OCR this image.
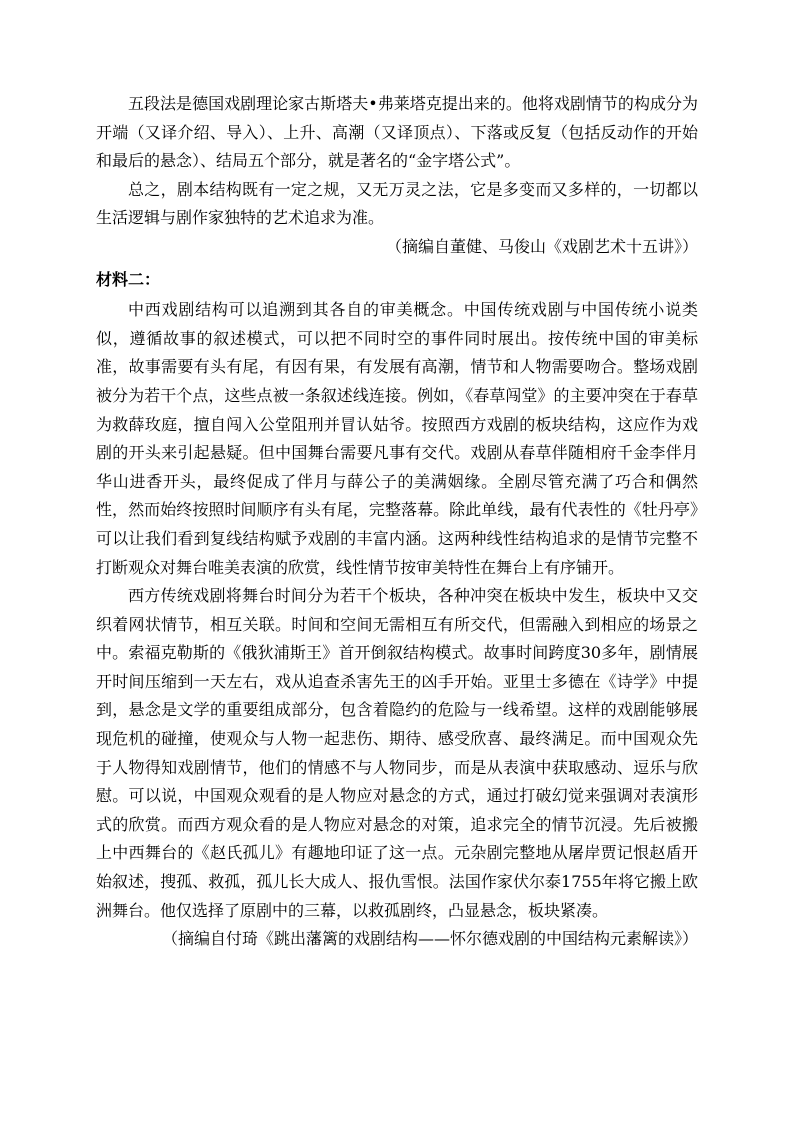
五段法是德国戏剧理论家古斯塔夫•弗莱塔克提出来的。他将戏剧情节的构成分为开端（又译介绍、导入）、上升、高潮（又译顶点）、下落或反复（包括反动作的开始和最后的悬念）、结局五个部分，就是著名的“金字塔公式”。

总之，剧本结构既有一定之规，又无万灵之法，它是多变而又多样的，一切都以生活逻辑与剧作家独特的艺术追求为准。

（摘编自董健、马俊山《戏剧艺术十五讲》）

材料二：

中西戏剧结构可以追溯到其各自的审美概念。中国传统戏剧与中国传统小说类似，遵循故事的叙述模式，可以把不同时空的事件同时展出。按传统中国的审美标准，故事需要有头有尾，有因有果，有发展有高潮，情节和人物需要吻合。整场戏剧被分为若干个点，这些点被一条叙述线连接。例如，《春草闯堂》的主要冲突在于春草为救薛玫庭，擅自闯入公堂阻刑并冒认姑爷。按照西方戏剧的板块结构，这应作为戏剧的开头来引起悬疑。但中国舞台需要凡事有交代。戏剧从春草伴随相府千金李伴月华山进香开头，最终促成了伴月与薛公子的美满姻缘。全剧尽管充满了巧合和偶然性，然而始终按照时间顺序有头有尾，完整落幕。除此单线，最有代表性的《牡丹亭》可以让我们看到复线结构赋予戏剧的丰富内涵。这两种线性结构追求的是情节完整不打断观众对舞台唯美表演的欣赏，线性情节按审美特性在舞台上有序铺开。

西方传统戏剧将舞台时间分为若干个板块，各种冲突在板块中发生，板块中又交织着网状情节，相互关联。时间和空间无需相互有所交代，但需融入到相应的场景之中。索福克勒斯的《俄狄浦斯王》首开倒叙结构模式。故事时间跨度30多年，剧情展开时间压缩到一天左右，戏从追查杀害先王的凶手开始。亚里士多德在《诗学》中提到，悬念是文学的重要组成部分，包含着隐约的危险与一线希望。这样的戏剧能够展现危机的碰撞，使观众与人物一起悲伤、期待、感受欣喜、最终满足。而中国观众先于人物得知戏剧情节，他们的情感不与人物同步，而是从表演中获取感动、逗乐与欣慰。可以说，中国观众观看的是人物应对悬念的方式，通过打破幻觉来强调对表演形式的欣赏。而西方观众看的是人物应对悬念的对策，追求完全的情节沉浸。先后被搬上中西舞台的《赵氏孤儿》有趣地印证了这一点。元杂剧完整地从屠岸贾记恨赵盾开始叙述，搜孤、救孤，孤儿长大成人、报仇雪恨。法国作家伏尔泰1755年将它搬上欧洲舞台。他仅选择了原剧中的三幕，以救孤剧终，凸显悬念，板块紧凑。

（摘编自付琦《跳出藩篱的戏剧结构——怀尔德戏剧的中国结构元素解读》）
